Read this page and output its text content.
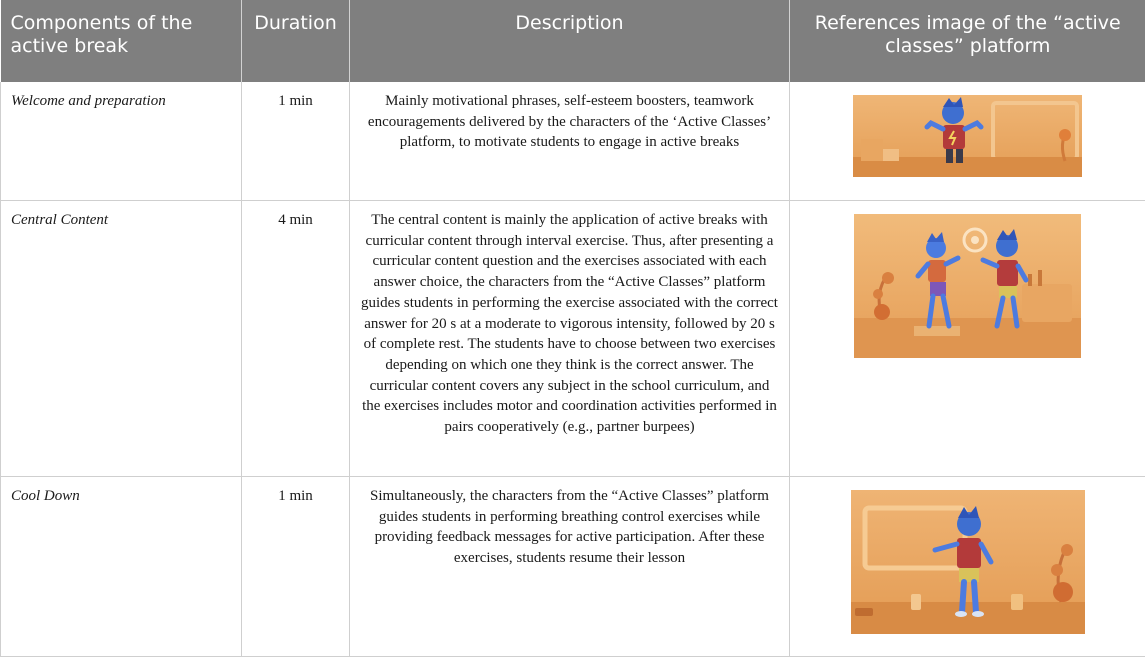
Components of the active break	Duration	Description	References image of the “active classes” platform
Welcome and preparation	1 min	Mainly motivational phrases, self-esteem boosters, teamwork encouragements delivered by the characters of the ‘Active Classes’ platform, to motivate students to engage in active breaks	

Central Content	4 min	The central content is mainly the application of active breaks with curricular content through interval exercise. Thus, after presenting a curricular content question and the exercises associated with each answer choice, the characters from the “Active Classes” platform guides students in performing the exercise associated with the correct answer for 20 s at a moderate to vigorous intensity, followed by 20 s of complete rest. The students have to choose between two exercises depending on which one they think is the correct answer. The curricular content covers any subject in the school curriculum, and the exercises includes motor and coordination activities performed in pairs cooperatively (e.g., partner burpees)	

Cool Down	1 min	Simultaneously, the characters from the “Active Classes” platform guides students in performing breathing control exercises while providing feedback messages for active participation. After these exercises, students resume their lesson	
